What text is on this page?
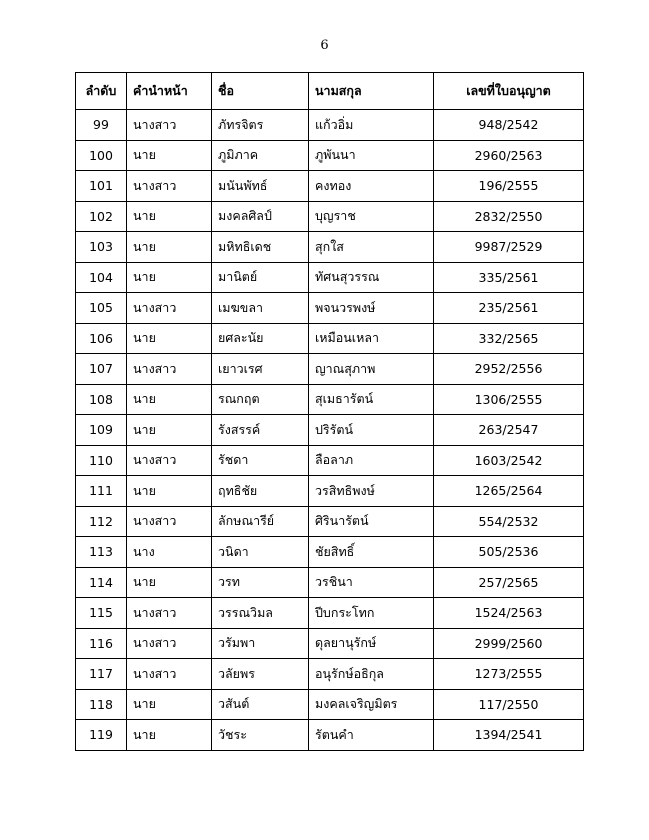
6
ลำดับ	คำนำหน้า	ชื่อ	นามสกุล	เลขที่ใบอนุญาต
99	นางสาว	ภัทรจิตร	แก้วอิ่ม	948/2542
100	นาย	ภูมิภาค	ภูพันนา	2960/2563
101	นางสาว	มนันพัทธ์	คงทอง	196/2555
102	นาย	มงคลศิลป์	บุญราช	2832/2550
103	นาย	มหิทธิเดช	สุกใส	9987/2529
104	นาย	มานิตย์	ทัศนสุวรรณ	335/2561
105	นางสาว	เมฆขลา	พจนวรพงษ์	235/2561
106	นาย	ยศละนัย	เหมือนเหลา	332/2565
107	นางสาว	เยาวเรศ	ญาณสุภาพ	2952/2556
108	นาย	รณกฤต	สุเมธารัตน์	1306/2555
109	นาย	รังสรรค์	ปริรัตน์	263/2547
110	นางสาว	รัชดา	ลือลาภ	1603/2542
111	นาย	ฤทธิชัย	วรสิทธิพงษ์	1265/2564
112	นางสาว	ลักษณารีย์	ศิรินารัตน์	554/2532
113	นาง	วนิดา	ชัยสิทธิ์	505/2536
114	นาย	วรท	วรชินา	257/2565
115	นางสาว	วรรณวิมล	ปีบกระโทก	1524/2563
116	นางสาว	วรัมพา	ดุลยานุรักษ์	2999/2560
117	นางสาว	วลัยพร	อนุรักษ์อธิกุล	1273/2555
118	นาย	วสันต์	มงคลเจริญมิตร	117/2550
119	นาย	วัชระ	รัตนคำ	1394/2541
